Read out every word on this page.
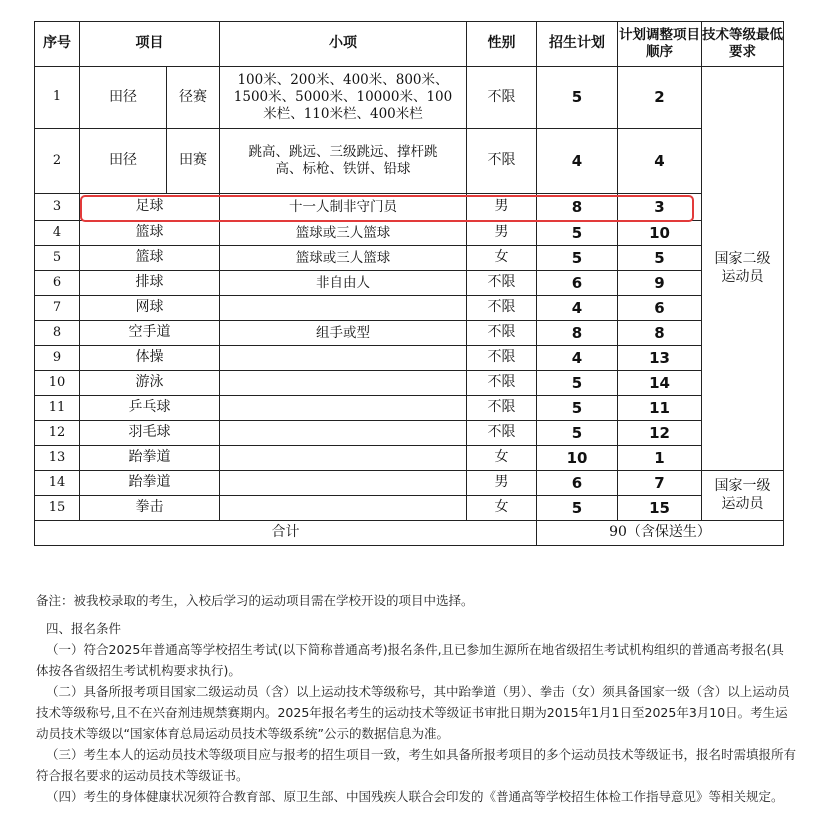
序号	项目		小项	性别	招生计划	计划调整项目顺序	技术等级最低要求
1	田径	径赛	100米、200米、400米、800米、1500米、5000米、10000米、100米栏、110米栏、400米栏	不限	5	2	国家二级运动员
2	田径	田赛	跳高、跳远、三级跳远、撑杆跳高、标枪、铁饼、铅球	不限	4	4	
3	足球		十一人制非守门员	男	8	3	
4	篮球		篮球或三人篮球	男	5	10	
5	篮球		篮球或三人篮球	女	5	5	
6	排球		非自由人	不限	6	9	
7	网球			不限	4	6	
8	空手道		组手或型	不限	8	8	
9	体操			不限	4	13	
10	游泳			不限	5	14	
11	乒乓球			不限	5	11	
12	羽毛球			不限	5	12	
13	跆拳道			女	10	1	
14	跆拳道			男	6	7	国家一级运动员
15	拳击			女	5	15	
合计					90（含保送生）		

备注：被我校录取的考生，入校后学习的运动项目需在学校开设的项目中选择。

四、报名条件

（一）符合2025年普通高等学校招生考试(以下简称普通高考)报名条件,且已参加生源所在地省级招生考试机构组织的普通高考报名(具体按各省级招生考试机构要求执行)。

（二）具备所报考项目国家二级运动员（含）以上运动技术等级称号，其中跆拳道（男）、拳击（女）须具备国家一级（含）以上运动员技术等级称号,且不在兴奋剂违规禁赛期内。2025年报名考生的运动技术等级证书审批日期为2015年1月1日至2025年3月10日。考生运动员技术等级以“国家体育总局运动员技术等级系统”公示的数据信息为准。

（三）考生本人的运动员技术等级项目应与报考的招生项目一致，考生如具备所报考项目的多个运动员技术等级证书，报名时需填报所有符合报名要求的运动员技术等级证书。

（四）考生的身体健康状况须符合教育部、原卫生部、中国残疾人联合会印发的《普通高等学校招生体检工作指导意见》等相关规定。
